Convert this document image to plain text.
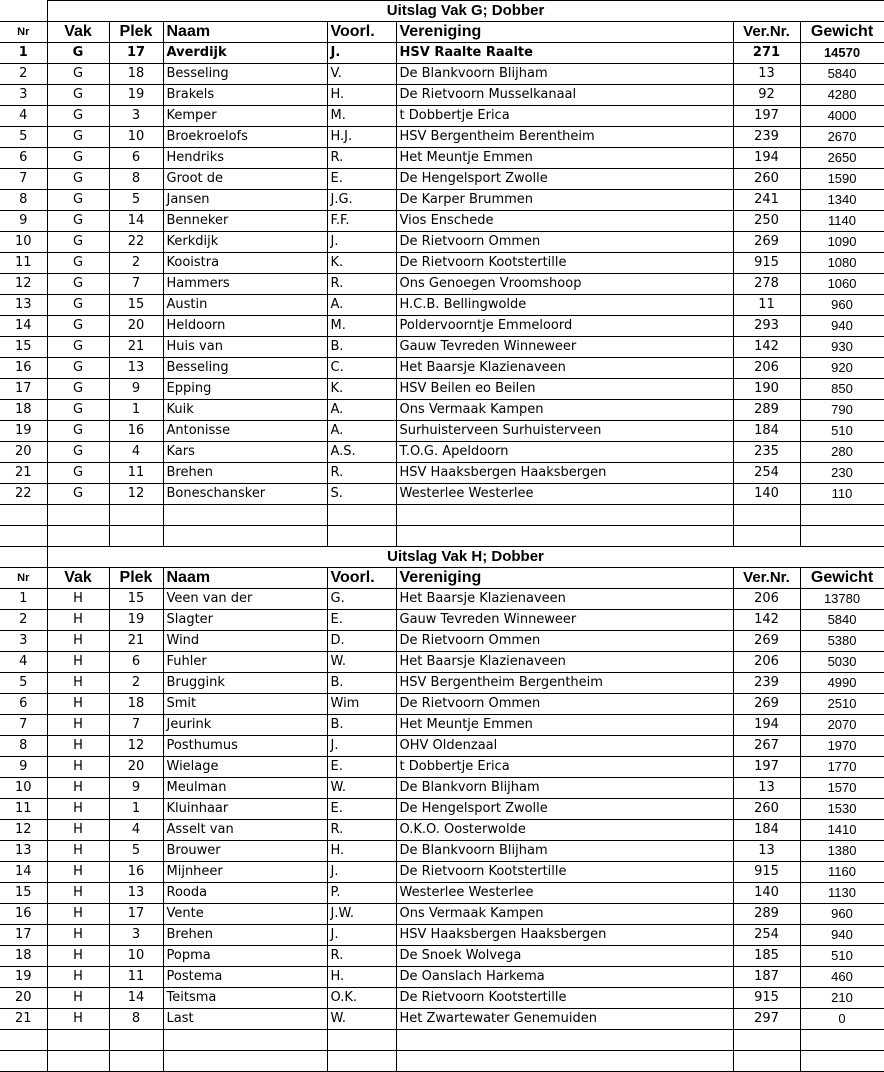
	Uitslag Vak G; Dobber						
Nr	Vak	Plek	Naam	Voorl.	Vereniging	Ver.Nr.	Gewicht
1	G	17	Averdijk	J.	HSV Raalte Raalte	271	14570
2	G	18	Besseling	V.	De Blankvoorn Blijham	13	5840
3	G	19	Brakels	H.	De Rietvoorn Musselkanaal	92	4280
4	G	3	Kemper	M.	t Dobbertje Erica	197	4000
5	G	10	Broekroelofs	H.J.	HSV Bergentheim Berentheim	239	2670
6	G	6	Hendriks	R.	Het Meuntje Emmen	194	2650
7	G	8	Groot de	E.	De Hengelsport Zwolle	260	1590
8	G	5	Jansen	J.G.	De Karper Brummen	241	1340
9	G	14	Benneker	F.F.	Vios Enschede	250	1140
10	G	22	Kerkdijk	J.	De Rietvoorn Ommen	269	1090
11	G	2	Kooistra	K.	De Rietvoorn Kootstertille	915	1080
12	G	7	Hammers	R.	Ons Genoegen Vroomshoop	278	1060
13	G	15	Austin	A.	H.C.B. Bellingwolde	11	960
14	G	20	Heldoorn	M.	Poldervoorntje Emmeloord	293	940
15	G	21	Huis van	B.	Gauw Tevreden Winneweer	142	930
16	G	13	Besseling	C.	Het Baarsje Klazienaveen	206	920
17	G	9	Epping	K.	HSV Beilen eo Beilen	190	850
18	G	1	Kuik	A.	Ons Vermaak Kampen	289	790
19	G	16	Antonisse	A.	Surhuisterveen Surhuisterveen	184	510
20	G	4	Kars	A.S.	T.O.G. Apeldoorn	235	280
21	G	11	Brehen	R.	HSV Haaksbergen Haaksbergen	254	230
22	G	12	Boneschansker	S.	Westerlee Westerlee	140	110

	Uitslag Vak H; Dobber						
Nr	Vak	Plek	Naam	Voorl.	Vereniging	Ver.Nr.	Gewicht
1	H	15	Veen van der	G.	Het Baarsje Klazienaveen	206	13780
2	H	19	Slagter	E.	Gauw Tevreden Winneweer	142	5840
3	H	21	Wind	D.	De Rietvoorn Ommen	269	5380
4	H	6	Fuhler	W.	Het Baarsje Klazienaveen	206	5030
5	H	2	Bruggink	B.	HSV Bergentheim Bergentheim	239	4990
6	H	18	Smit	Wim	De Rietvoorn Ommen	269	2510
7	H	7	Jeurink	B.	Het Meuntje Emmen	194	2070
8	H	12	Posthumus	J.	OHV Oldenzaal	267	1970
9	H	20	Wielage	E.	t Dobbertje Erica	197	1770
10	H	9	Meulman	W.	De Blankvorn Blijham	13	1570
11	H	1	Kluinhaar	E.	De Hengelsport Zwolle	260	1530
12	H	4	Asselt van	R.	O.K.O. Oosterwolde	184	1410
13	H	5	Brouwer	H.	De Blankvoorn Blijham	13	1380
14	H	16	Mijnheer	J.	De Rietvoorn Kootstertille	915	1160
15	H	13	Rooda	P.	Westerlee Westerlee	140	1130
16	H	17	Vente	J.W.	Ons Vermaak Kampen	289	960
17	H	3	Brehen	J.	HSV Haaksbergen Haaksbergen	254	940
18	H	10	Popma	R.	De Snoek Wolvega	185	510
19	H	11	Postema	H.	De Oanslach Harkema	187	460
20	H	14	Teitsma	O.K.	De Rietvoorn Kootstertille	915	210
21	H	8	Last	W.	Het Zwartewater Genemuiden	297	0
